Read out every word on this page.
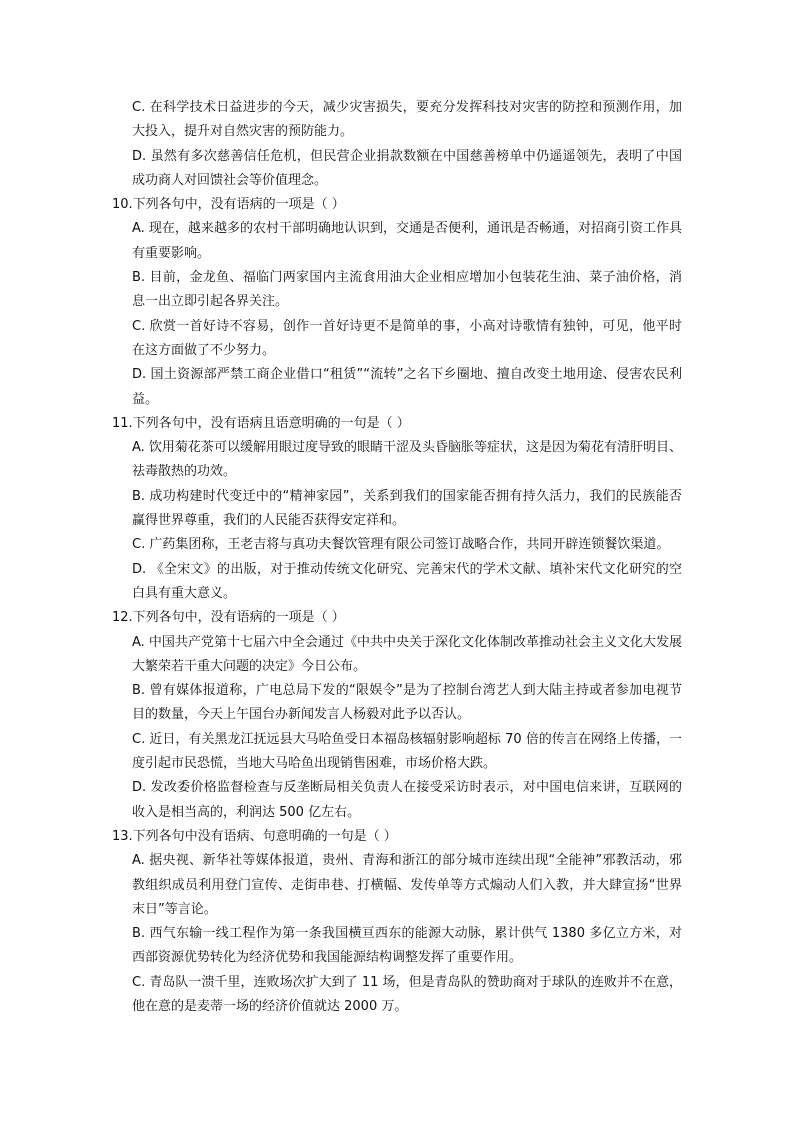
C. 在科学技术日益进步的今天，减少灾害损失，要充分发挥科技对灾害的防控和预测作用，加大投入，提升对自然灾害的预防能力。

D. 虽然有多次慈善信任危机，但民营企业捐款数额在中国慈善榜单中仍遥遥领先，表明了中国成功商人对回馈社会等价值理念。

10.下列各句中，没有语病的一项是（ ）

A. 现在，越来越多的农村干部明确地认识到，交通是否便利，通讯是否畅通，对招商引资工作具有重要影响。

B. 目前，金龙鱼、福临门两家国内主流食用油大企业相应增加小包装花生油、菜子油价格，消息一出立即引起各界关注。

C. 欣赏一首好诗不容易，创作一首好诗更不是简单的事，小高对诗歌情有独钟，可见，他平时在这方面做了不少努力。

D. 国土资源部严禁工商企业借口“租赁”“流转”之名下乡圈地、擅自改变土地用途、侵害农民利益。

11.下列各句中，没有语病且语意明确的一句是（ ）

A. 饮用菊花茶可以缓解用眼过度导致的眼睛干涩及头昏脑胀等症状，这是因为菊花有清肝明目、祛毒散热的功效。

B. 成功构建时代变迁中的“精神家园”，关系到我们的国家能否拥有持久活力，我们的民族能否赢得世界尊重，我们的人民能否获得安定祥和。

C. 广药集团称，王老吉将与真功夫餐饮管理有限公司签订战略合作，共同开辟连锁餐饮渠道。

D. 《全宋文》的出版，对于推动传统文化研究、完善宋代的学术文献、填补宋代文化研究的空白具有重大意义。

12.下列各句中，没有语病的一项是（ ）

A. 中国共产党第十七届六中全会通过《中共中央关于深化文化体制改革推动社会主义文化大发展大繁荣若干重大问题的决定》今日公布。

B. 曾有媒体报道称，广电总局下发的“限娱令”是为了控制台湾艺人到大陆主持或者参加电视节目的数量，今天上午国台办新闻发言人杨毅对此予以否认。

C. 近日，有关黑龙江抚远县大马哈鱼受日本福岛核辐射影响超标 70 倍的传言在网络上传播，一度引起市民恐慌，当地大马哈鱼出现销售困难，市场价格大跌。

D. 发改委价格监督检查与反垄断局相关负责人在接受采访时表示，对中国电信来讲，互联网的收入是相当高的，利润达 500 亿左右。

13.下列各句中没有语病、句意明确的一句是（ ）

A. 据央视、新华社等媒体报道，贵州、青海和浙江的部分城市连续出现“全能神”邪教活动，邪教组织成员利用登门宣传、走街串巷、打横幅、发传单等方式煽动人们入教，并大肆宣扬“世界末日”等言论。

B. 西气东输一线工程作为第一条我国横亘西东的能源大动脉，累计供气 1380 多亿立方米，对西部资源优势转化为经济优势和我国能源结构调整发挥了重要作用。

C. 青岛队一溃千里，连败场次扩大到了 11 场，但是青岛队的赞助商对于球队的连败并不在意，他在意的是麦蒂一场的经济价值就达 2000 万。
